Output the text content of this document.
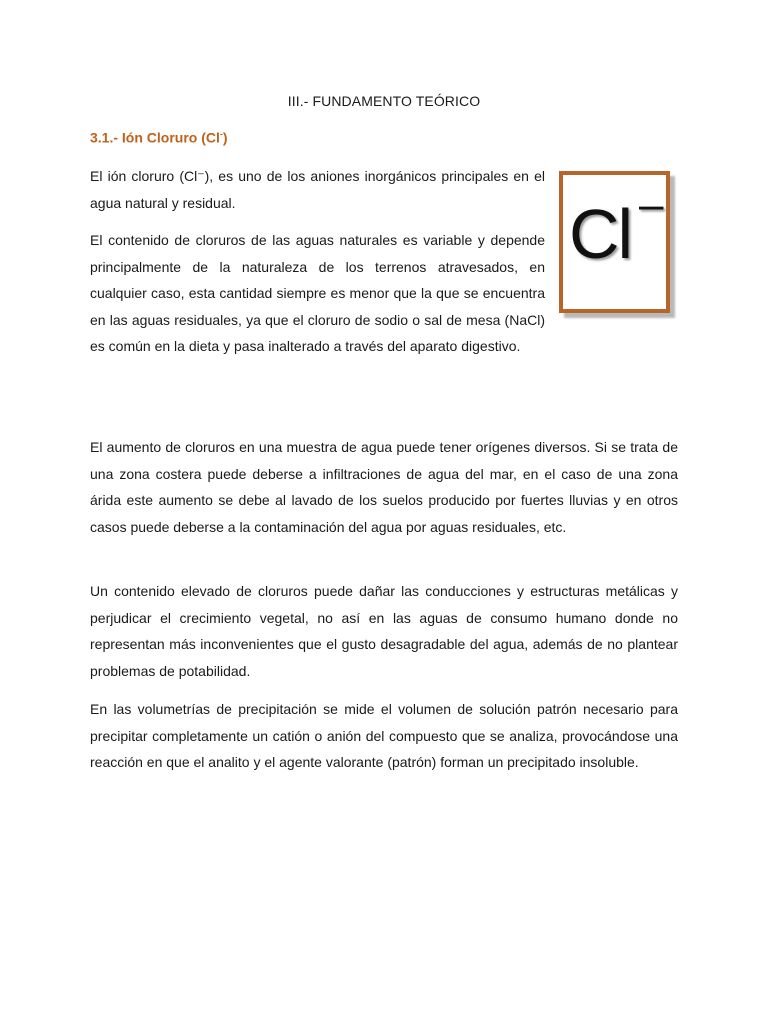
III.- FUNDAMENTO TEÓRICO
3.1.- Ión Cloruro (Cl-)

El ión cloruro (Cl⁻), es uno de los aniones inorgánicos principales en el agua natural y residual.

El contenido de cloruros de las aguas naturales es variable y depende principalmente de la naturaleza de los terrenos atravesados, en cualquier caso, esta cantidad siempre es menor que la que se encuentra en las aguas residuales, ya que el cloruro de sodio o sal de mesa (NaCl) es común en la dieta y pasa inalterado a través del aparato digestivo.

Cl –

El aumento de cloruros en una muestra de agua puede tener orígenes diversos. Si se trata de una zona costera puede deberse a infiltraciones de agua del mar, en el caso de una zona árida este aumento se debe al lavado de los suelos producido por fuertes lluvias y en otros casos puede deberse a la contaminación del agua por aguas residuales, etc.

Un contenido elevado de cloruros puede dañar las conducciones y estructuras metálicas y perjudicar el crecimiento vegetal, no así en las aguas de consumo humano donde no representan más inconvenientes que el gusto desagradable del agua, además de no plantear problemas de potabilidad.

En las volumetrías de precipitación se mide el volumen de solución patrón necesario para precipitar completamente un catión o anión del compuesto que se analiza, provocándose una reacción en que el analito y el agente valorante (patrón) forman un precipitado insoluble.
